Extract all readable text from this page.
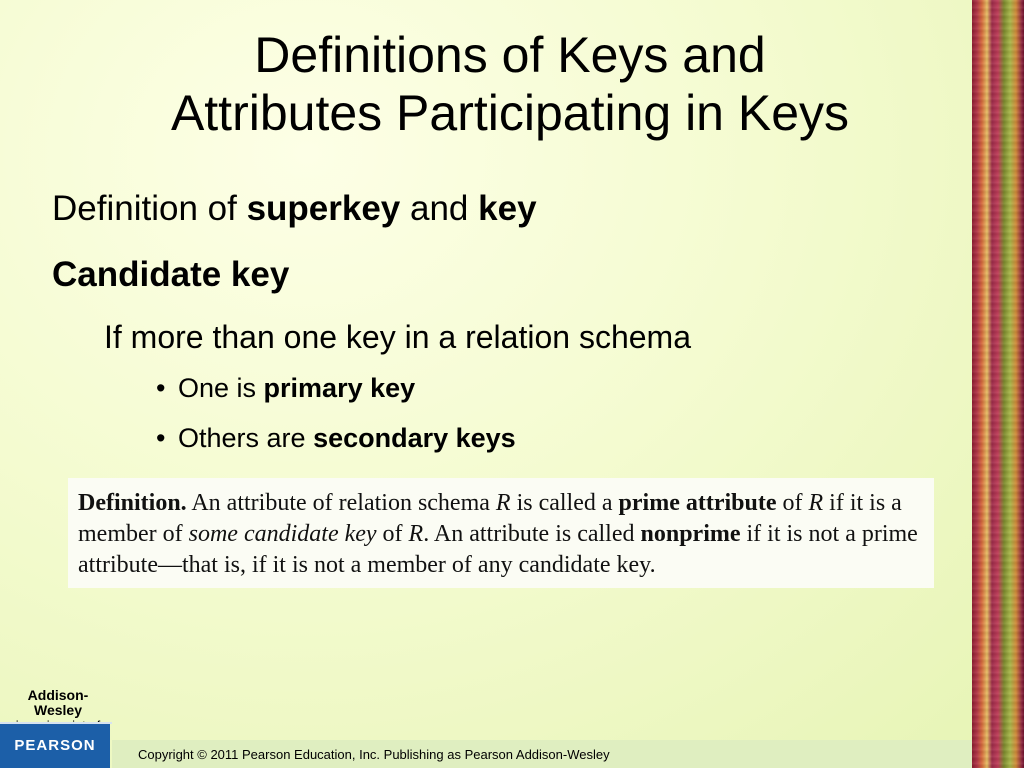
Definitions of Keys and
Attributes Participating in Keys
Definition of superkey and key
Candidate key
If more than one key in a relation schema
• One is primary key
• Others are secondary keys
Definition. An attribute of relation schema R is called a prime attribute of R if it is a member of some candidate key of R. An attribute is called nonprime if it is not a prime attribute—that is, if it is not a member of any candidate key.
Addison-Wesley
PEARSON
Copyright © 2011 Pearson Education, Inc. Publishing as Pearson Addison-Wesley
